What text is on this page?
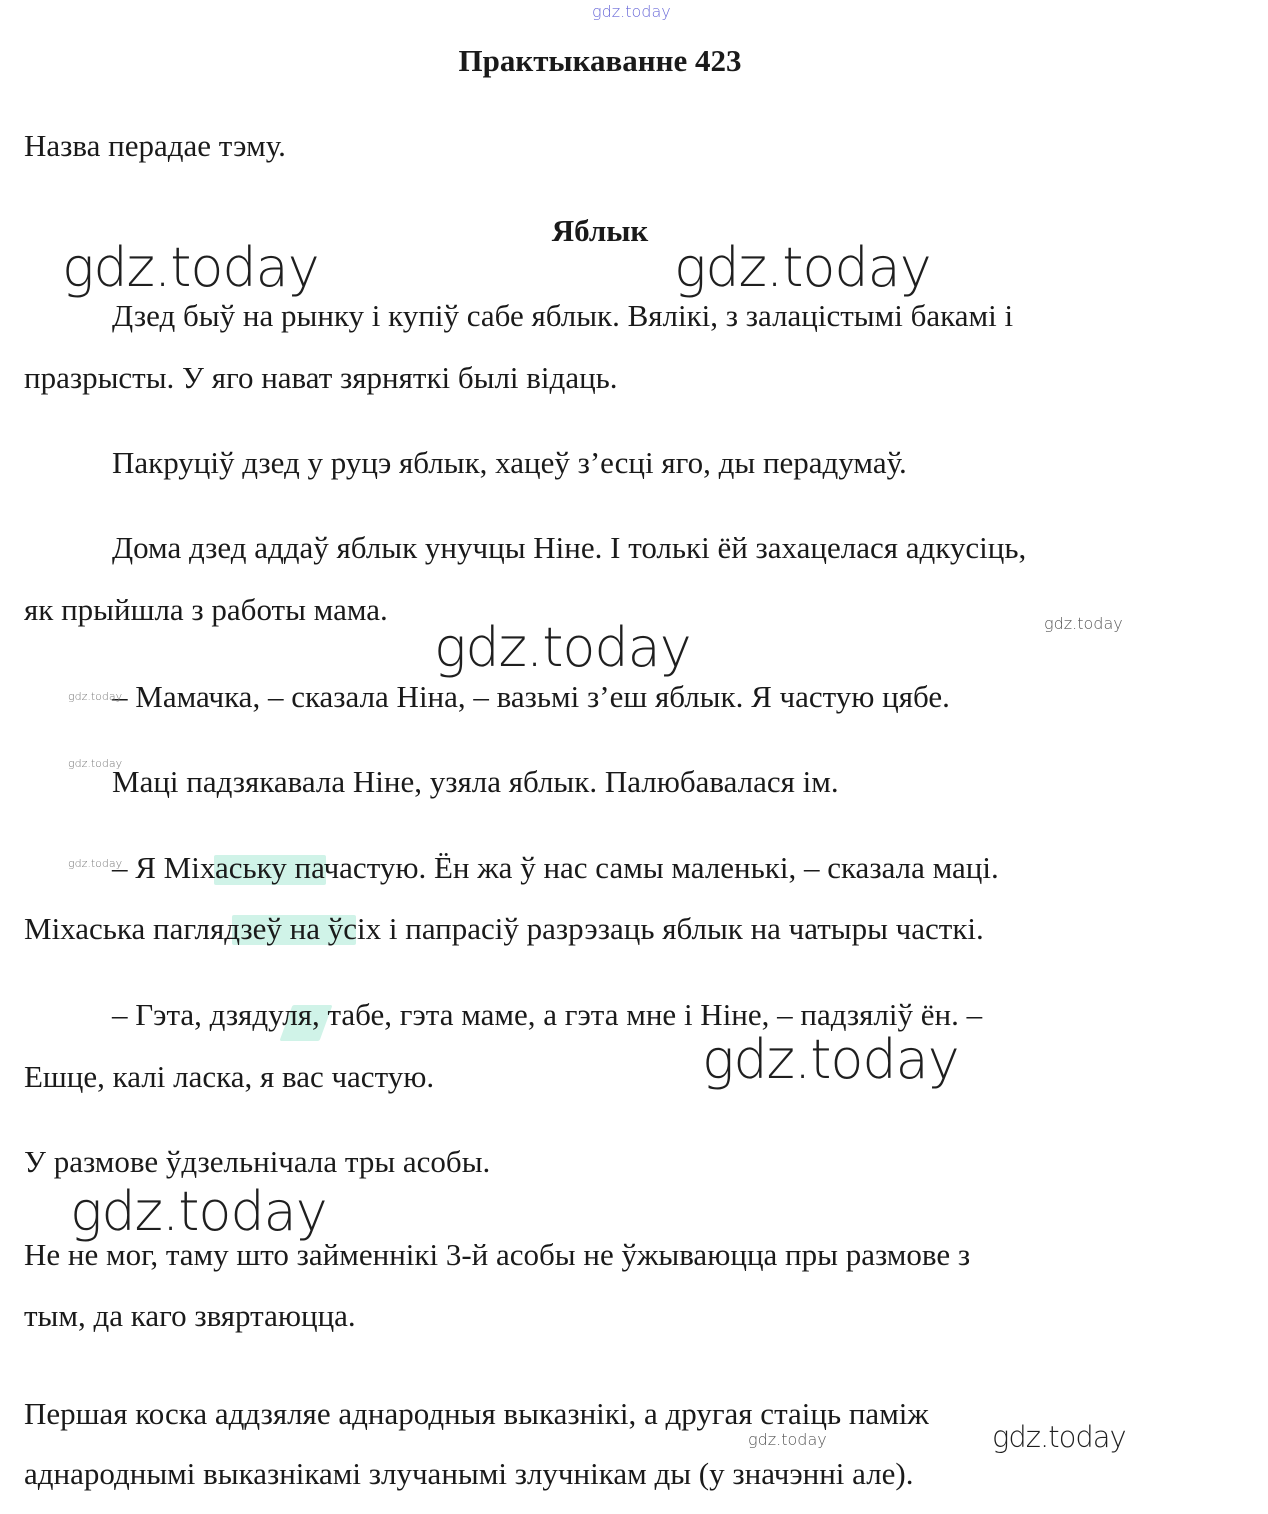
gdz.today
Практыкаванне 423
Назва перадае тэму.
Яблык
Дзед быў на рынку і купіў сабе яблык. Вялікі, з залацістымі бакамі і
празрысты. У яго нават зярняткі былі відаць.
Пакруціў дзед у руцэ яблык, хацеў з’есці яго, ды перадумаў.
Дома дзед аддаў яблык унучцы Ніне. І толькі ёй захацелася адкусіць,
як прыйшла з работы мама.
– Мамачка, – сказала Ніна, – вазьмі з’еш яблык. Я частую цябе.
Маці падзякавала Ніне, узяла яблык. Палюбавалася ім.
– Я Міхаську пачастую. Ён жа ў нас самы маленькі, – сказала маці.
Міхаська паглядзеў на ўсіх і папрасіў разрэзаць яблык на чатыры часткі.
– Гэта, дзядуля, табе, гэта маме, а гэта мне і Ніне, – падзяліў ён. –
Ешце, калі ласка, я вас частую.
У размове ўдзельнічала тры асобы.
Не не мог, таму што займеннікі 3-й асобы не ўжываюцца пры размове з
тым, да каго звяртаюцца.
Першая коска аддзяляе аднародныя выказнікі, а другая стаіць паміж
аднароднымі выказнікамі злучанымі злучнікам ды (у значэнні але).
gdz.today	gdz.today
gdz.today	gdz.today
gdz.today
gdz.today
gdz.today
gdz.today
gdz.today
gdz.today	gdz.today
